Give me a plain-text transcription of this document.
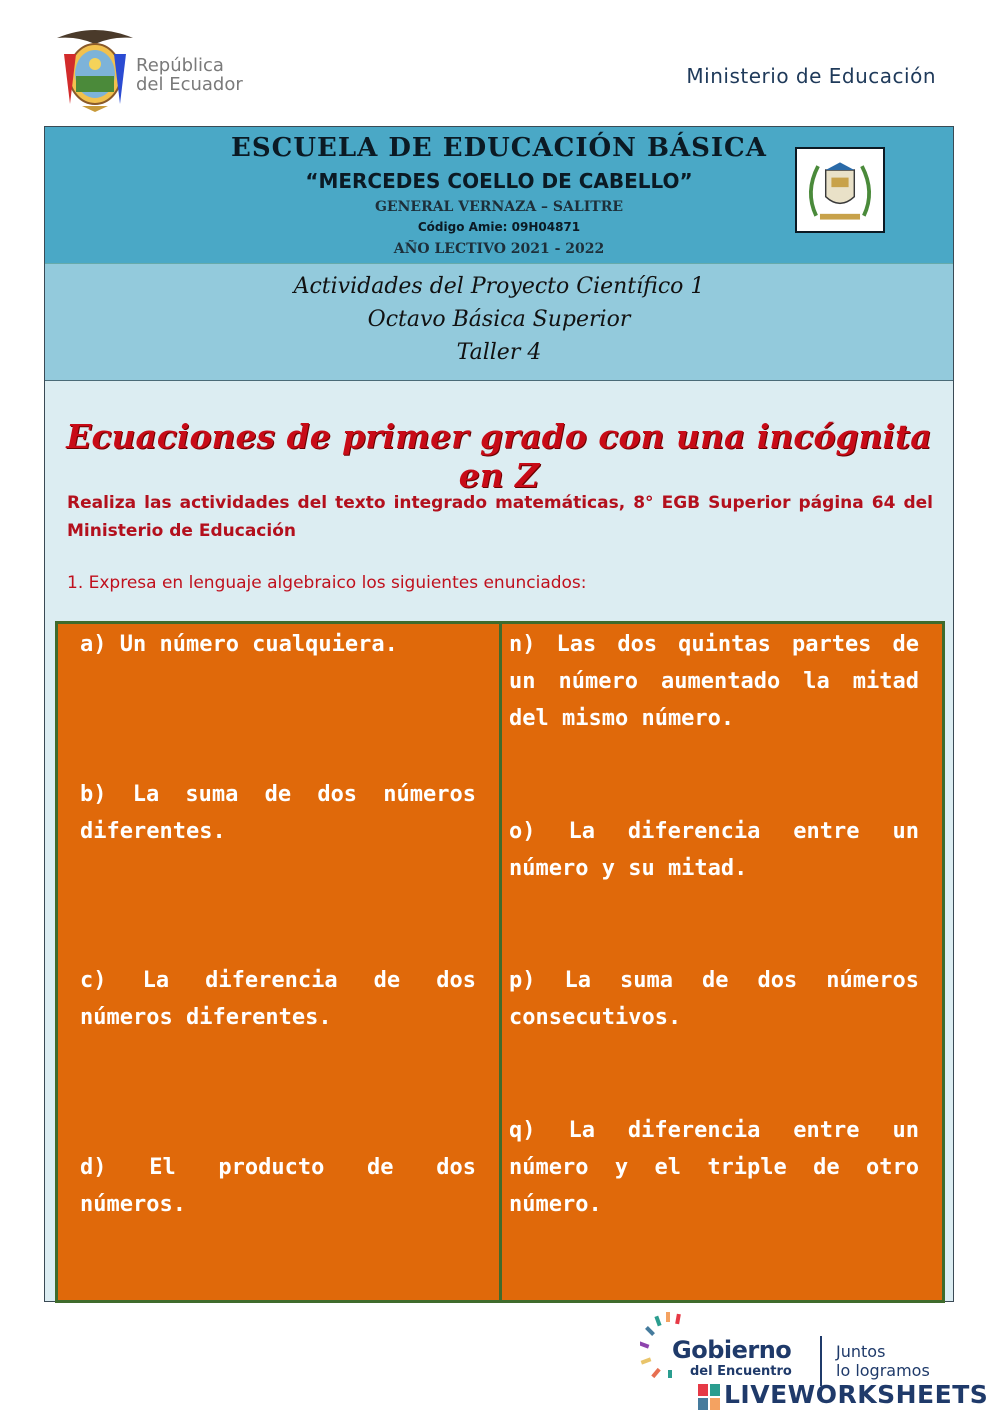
República
del Ecuador	Ministerio de Educación
ESCUELA DE EDUCACIÓN BÁSICA
“MERCEDES COELLO DE CABELLO”
GENERAL VERNAZA – SALITRE
Código Amie: 09H04871
AÑO LECTIVO 2021 - 2022
Actividades del Proyecto Científico 1
Octavo Básica Superior
Taller 4
Ecuaciones de primer grado con una incógnita en Z
Realiza las actividades del texto integrado matemáticas, 8° EGB Superior página 64 del Ministerio de Educación
1. Expresa en lenguaje algebraico los siguientes enunciados:
a) Un número cualquiera.
b) La suma de dos números diferentes.
c) La diferencia de dos números diferentes.
d) El producto de dos números.
n) Las dos quintas partes de un número aumentado la mitad del mismo número.
o) La diferencia entre un número y su mitad.
p) La suma de dos números consecutivos.
q) La diferencia entre un número y el triple de otro número.
Gobierno
del Encuentro
Juntos
lo logramos
LIVEWORKSHEETS
